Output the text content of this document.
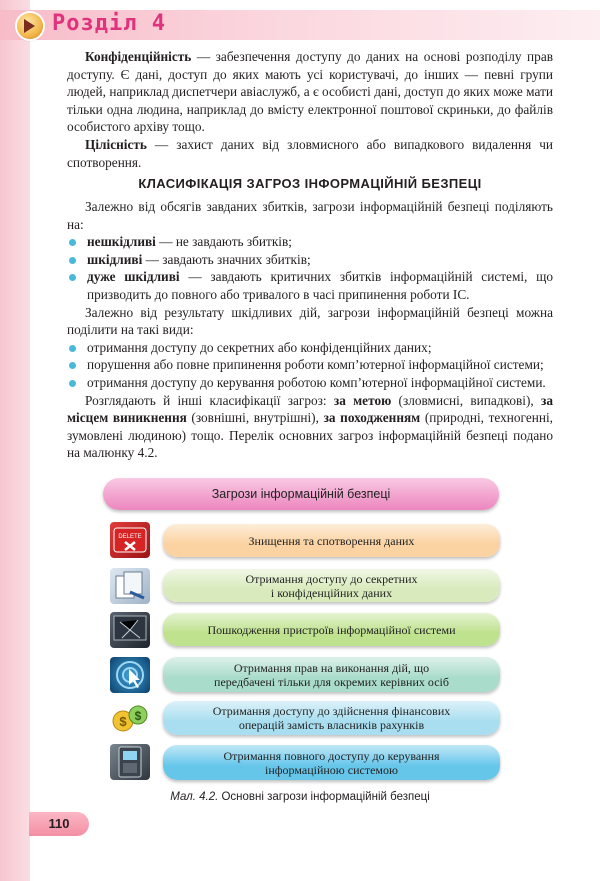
Розділ 4

Конфіденційність — забезпечення доступу до даних на основі розподілу прав доступу. Є дані, доступ до яких мають усі користувачі, до інших — певні групи людей, наприклад диспетчери авіаслужб, а є особисті дані, доступ до яких може мати тільки одна людина, наприклад до вмісту електронної поштової скриньки, до файлів особистого архіву тощо.

Цілісність — захист даних від зловмисного або випадкового видалення чи спотворення.

КЛАСИФІКАЦІЯ ЗАГРОЗ ІНФОРМАЦІЙНІЙ БЕЗПЕЦІ

Залежно від обсягів завданих збитків, загрози інформаційній безпеці поділяють на:

нешкідливі — не завдають збитків;
шкідливі — завдають значних збитків;
дуже шкідливі — завдають критичних збитків інформаційній системі, що призводить до повного або тривалого в часі припинення роботи ІС.

Залежно від результату шкідливих дій, загрози інформаційній безпеці можна поділити на такі види:

отримання доступу до секретних або конфіденційних даних;
порушення або повне припинення роботи комп’ютерної інформаційної системи;
отримання доступу до керування роботою комп’ютерної інформаційної системи.

Розглядають й інші класифікації загроз: за метою (зловмисні, випадкові), за місцем виникнення (зовнішні, внутрішні), за походженням (природні, техногенні, зумовлені людиною) тощо. Перелік основних загроз інформаційній безпеці подано на малюнку 4.2.

Загрози інформаційній безпеці
DELETE	Знищення та спотворення даних
Отримання доступу до секретних
і конфіденційних даних
Пошкодження пристроїв інформаційної системи
Отримання прав на виконання дій, що
передбачені тільки для окремих керівних осіб
$ $	Отримання доступу до здійснення фінансових
операцій замість власників рахунків
Отримання повного доступу до керування
інформаційною системою
Мал. 4.2. Основні загрози інформаційній безпеці
110
